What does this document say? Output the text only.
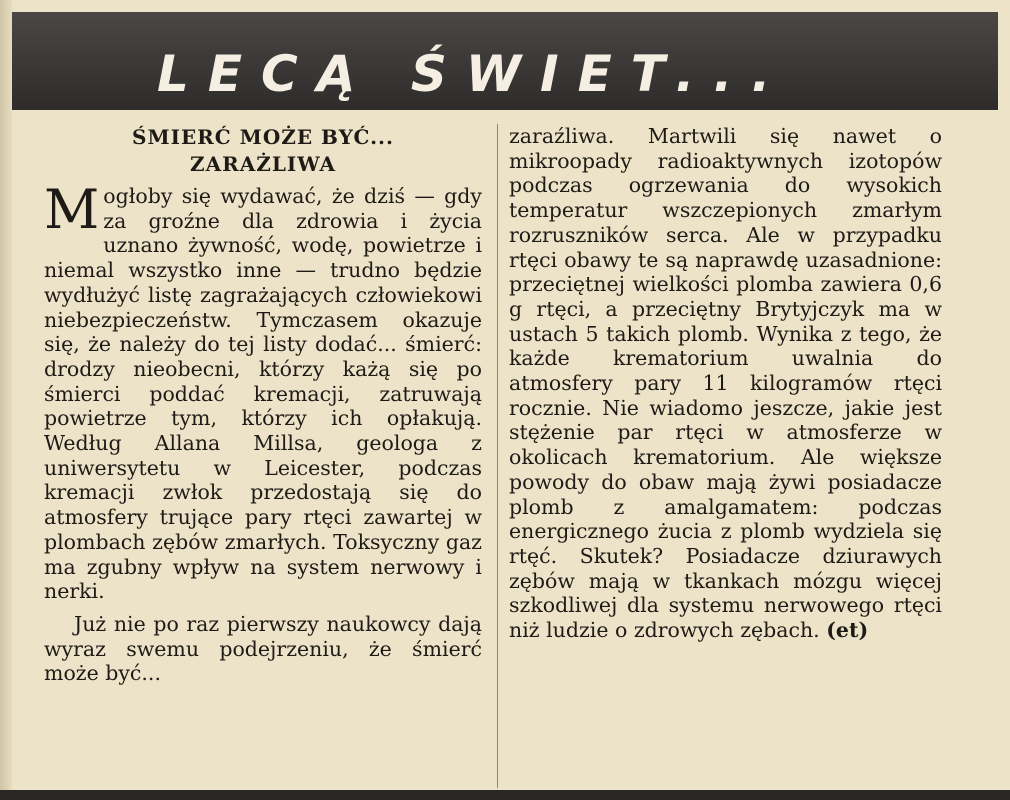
LECĄ ŚWIET...
ŚMIERĆ MOŻE BYĆ...
ZARAŻLIWA

Mogłoby się wydawać, że dziś — gdy za groźne dla zdrowia i życia uznano żywność, wodę, powietrze i niemal wszystko inne — trudno będzie wydłużyć listę zagrażających człowiekowi niebezpieczeństw. Tymczasem okazuje się, że należy do tej listy dodać... śmierć: drodzy nieobecni, którzy każą się po śmierci poddać kremacji, zatruwają powietrze tym, którzy ich opłakują. Według Allana Millsa, geologa z uniwersytetu w Leicester, podczas kremacji zwłok przedostają się do atmosfery trujące pary rtęci zawartej w plombach zębów zmarłych. Toksyczny gaz ma zgubny wpływ na system nerwowy i nerki.

Już nie po raz pierwszy naukowcy dają wyraz swemu podejrzeniu, że śmierć może być...

zaraźliwa. Martwili się nawet o mikroopady radioaktywnych izotopów podczas ogrzewania do wysokich temperatur wszczepionych zmarłym rozruszników serca. Ale w przypadku rtęci obawy te są naprawdę uzasadnione: przeciętnej wielkości plomba zawiera 0,6 g rtęci, a przeciętny Brytyjczyk ma w ustach 5 takich plomb. Wynika z tego, że każde krematorium uwalnia do atmosfery pary 11 kilogramów rtęci rocznie. Nie wiadomo jeszcze, jakie jest stężenie par rtęci w atmosferze w okolicach krematorium. Ale większe powody do obaw mają żywi posiadacze plomb z amalgamatem: podczas energicznego żucia z plomb wydziela się rtęć. Skutek? Posiadacze dziurawych zębów mają w tkankach mózgu więcej szkodliwej dla systemu nerwowego rtęci niż ludzie o zdrowych zębach. (et)
